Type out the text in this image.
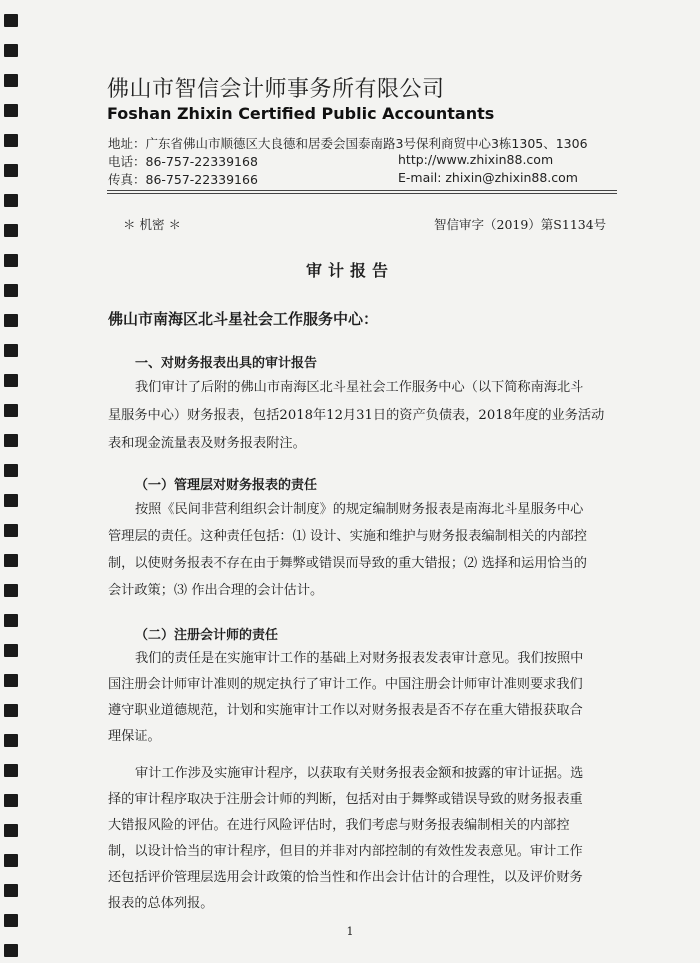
佛山市智信会计师事务所有限公司
Foshan Zhixin Certified Public Accountants
地址：广东省佛山市顺德区大良德和居委会国泰南路3号保利商贸中心3栋1305、1306
电话：86-757-22339168	http://www.zhixin88.com
传真：86-757-22339166	E-mail: zhixin@zhixin88.com
＊ 机密 ＊	智信审字（2019）第S1134号
审计报告
佛山市南海区北斗星社会工作服务中心：
一、对财务报表出具的审计报告
我们审计了后附的佛山市南海区北斗星社会工作服务中心（以下简称南海北斗
星服务中心）财务报表，包括2018年12月31日的资产负债表，2018年度的业务活动
表和现金流量表及财务报表附注。
（一）管理层对财务报表的责任
按照《民间非营利组织会计制度》的规定编制财务报表是南海北斗星服务中心
管理层的责任。这种责任包括：⑴ 设计、实施和维护与财务报表编制相关的内部控
制，以使财务报表不存在由于舞弊或错误而导致的重大错报；⑵ 选择和运用恰当的
会计政策；⑶ 作出合理的会计估计。
（二）注册会计师的责任
我们的责任是在实施审计工作的基础上对财务报表发表审计意见。我们按照中
国注册会计师审计准则的规定执行了审计工作。中国注册会计师审计准则要求我们
遵守职业道德规范，计划和实施审计工作以对财务报表是否不存在重大错报获取合
理保证。
审计工作涉及实施审计程序，以获取有关财务报表金额和披露的审计证据。选
择的审计程序取决于注册会计师的判断，包括对由于舞弊或错误导致的财务报表重
大错报风险的评估。在进行风险评估时，我们考虑与财务报表编制相关的内部控
制，以设计恰当的审计程序，但目的并非对内部控制的有效性发表意见。审计工作
还包括评价管理层选用会计政策的恰当性和作出会计估计的合理性，以及评价财务
报表的总体列报。
1
